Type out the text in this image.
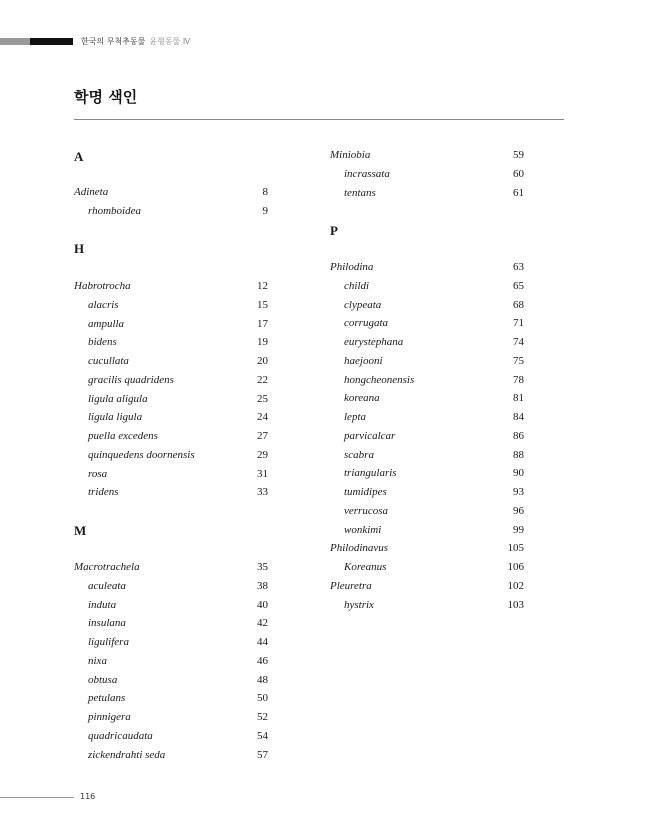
한국의 무척추동물 윤형동물 Ⅳ
학명 색인
A
Adineta	8
rhomboidea	9
H
Habrotrocha	12
alacris	15
ampulla	17
bidens	19
cucullata	20
gracilis quadridens	22
ligula aligula	25
ligula ligula	24
puella excedens	27
quinquedens doornensis	29
rosa	31
tridens	33
M
Macrotrachela	35
aculeata	38
induta	40
insulana	42
ligulifera	44
nixa	46
obtusa	48
petulans	50
pinnigera	52
quadricaudata	54
zickendrahti seda	57
Miniobia	59
incrassata	60
tentans	61
P
Philodina	63
childi	65
clypeata	68
corrugata	71
eurystephana	74
haejooni	75
hongcheonensis	78
koreana	81
lepta	84
parvicalcar	86
scabra	88
triangularis	90
tumidipes	93
verrucosa	96
wonkimi	99
Philodinavus	105
Koreanus	106
Pleuretra	102
hystrix	103
116
